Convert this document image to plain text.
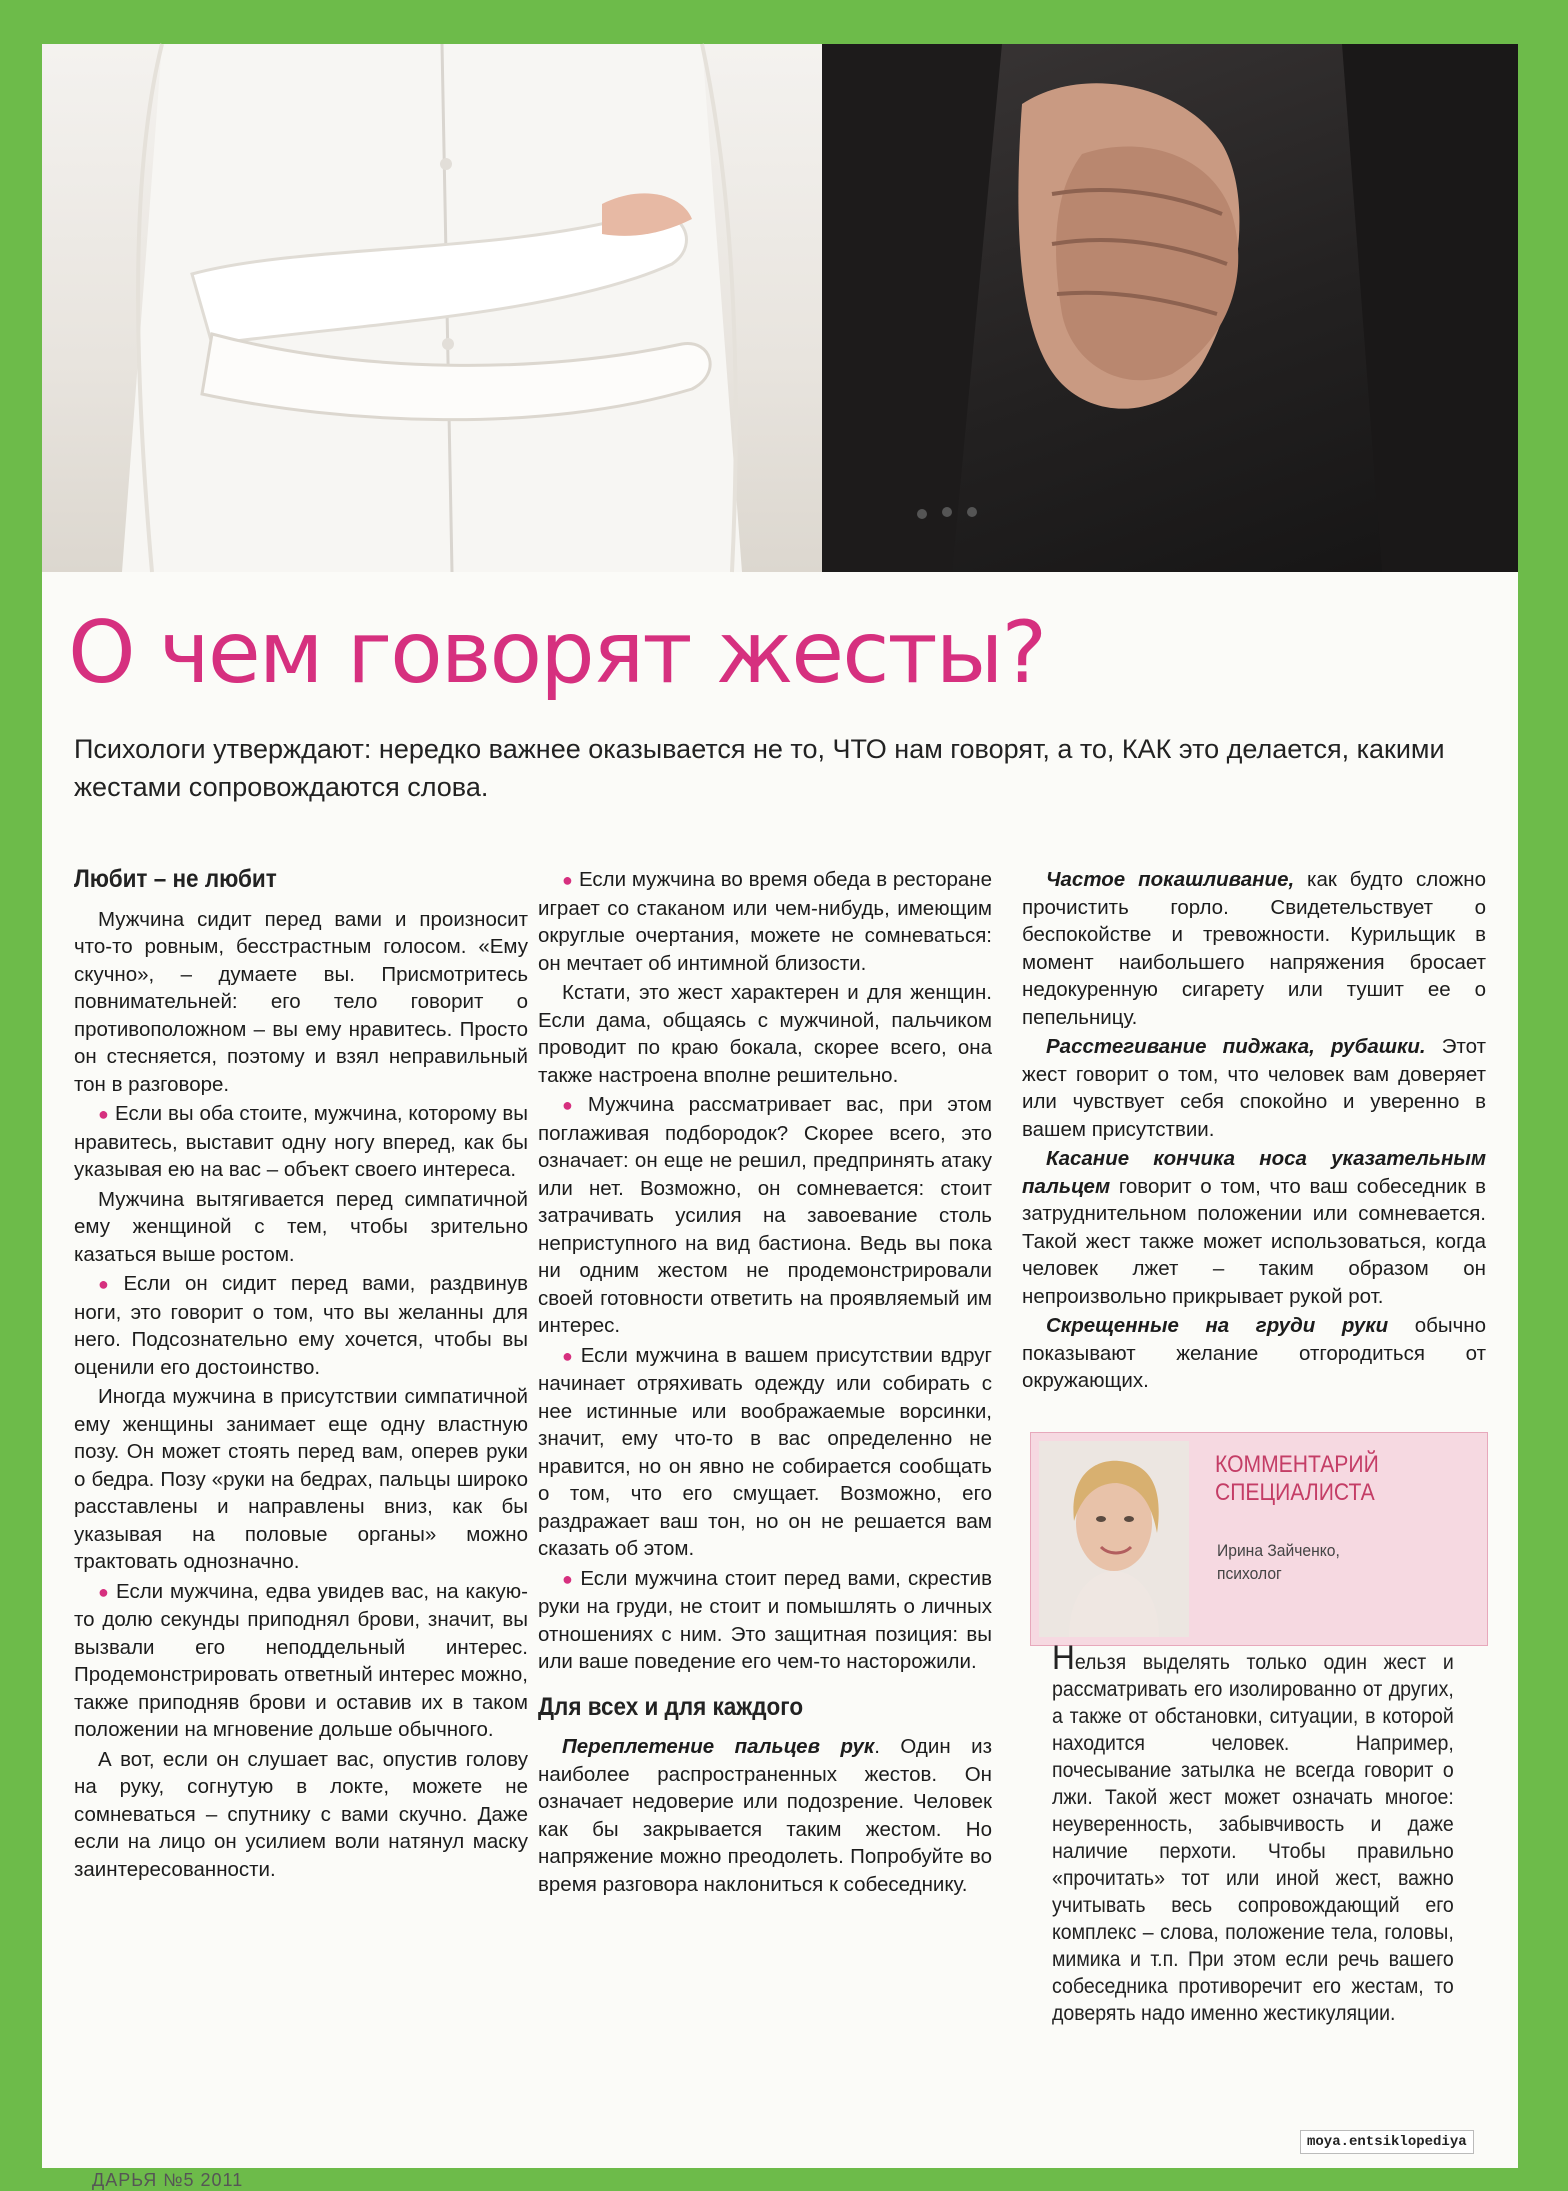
О чем говорят жесты?
Психологи утверждают: нередко важнее оказывается не то, ЧТО нам говорят, а то, КАК это делается, какими жестами сопровождаются слова.
Любит – не любит

Мужчина сидит перед вами и произносит что-то ровным, бесстрастным голосом. «Ему скучно», – думаете вы. Присмотритесь повнимательней: его тело говорит о противоположном – вы ему нравитесь. Просто он стесняется, поэтому и взял неправильный тон в разговоре.

● Если вы оба стоите, мужчина, которому вы нравитесь, выставит одну ногу вперед, как бы указывая ею на вас – объект своего интереса.

Мужчина вытягивается перед симпатичной ему женщиной с тем, чтобы зрительно казаться выше ростом.

● Если он сидит перед вами, раздвинув ноги, это говорит о том, что вы желанны для него. Подсознательно ему хочется, чтобы вы оценили его достоинство.

Иногда мужчина в присутствии симпатичной ему женщины занимает еще одну властную позу. Он может стоять перед вам, оперев руки о бедра. Позу «руки на бедрах, пальцы широко расставлены и направлены вниз, как бы указывая на половые органы» можно трактовать однозначно.

● Если мужчина, едва увидев вас, на какую-то долю секунды приподнял брови, значит, вы вызвали его неподдельный интерес. Продемонстрировать ответный интерес можно, также приподняв брови и оставив их в таком положении на мгновение дольше обычного.

А вот, если он слушает вас, опустив голову на руку, согнутую в локте, можете не сомневаться – спутнику с вами скучно. Даже если на лицо он усилием воли натянул маску заинтересованности.

● Если мужчина во время обеда в ресторане играет со стаканом или чем-нибудь, имеющим округлые очертания, можете не сомневаться: он мечтает об интимной близости.

Кстати, это жест характерен и для женщин. Если дама, общаясь с мужчиной, пальчиком проводит по краю бокала, скорее всего, она также настроена вполне решительно.

● Мужчина рассматривает вас, при этом поглаживая подбородок? Скорее всего, это означает: он еще не решил, предпринять атаку или нет. Возможно, он сомневается: стоит затрачивать усилия на завоевание столь неприступного на вид бастиона. Ведь вы пока ни одним жестом не продемонстрировали своей готовности ответить на проявляемый им интерес.

● Если мужчина в вашем присутствии вдруг начинает отряхивать одежду или собирать с нее истинные или воображаемые ворсинки, значит, ему что-то в вас определенно не нравится, но он явно не собирается сообщать о том, что его смущает. Возможно, его раздражает ваш тон, но он не решается вам сказать об этом.

● Если мужчина стоит перед вами, скрестив руки на груди, не стоит и помышлять о личных отношениях с ним. Это защитная позиция: вы или ваше поведение его чем-то насторожили.

Для всех и для каждого

Переплетение пальцев рук. Один из наиболее распространенных жестов. Он означает недоверие или подозрение. Человек как бы закрывается таким жестом. Но напряжение можно преодолеть. Попробуйте во время разговора наклониться к собеседнику.

Частое покашливание, как будто сложно прочистить горло. Свидетельствует о беспокойстве и тревожности. Курильщик в момент наибольшего напряжения бросает недокуренную сигарету или тушит ее о пепельницу.

Расстегивание пиджака, рубашки. Этот жест говорит о том, что человек вам доверяет или чувствует себя спокойно и уверенно в вашем присутствии.

Касание кончика носа указательным пальцем говорит о том, что ваш собеседник в затруднительном положении или сомневается. Такой жест также может использоваться, когда человек лжет – таким образом он непроизвольно прикрывает рукой рот.

Скрещенные на груди руки обычно показывают желание отгородиться от окружающих.

КОММЕНТАРИЙ
СПЕЦИАЛИСТА
Ирина Зайченко,
психолог
Нельзя выделять только один жест и рассматривать его изолированно от других, а также от обстановки, ситуации, в которой находится человек. Например, почесывание затылка не всегда говорит о лжи. Такой жест может означать многое: неуверенность, забывчивость и даже наличие перхоти. Чтобы правильно «прочитать» тот или иной жест, важно учитывать весь сопровождающий его комплекс – слова, положение тела, головы, мимика и т.п. При этом если речь вашего собеседника противоречит его жестам, то доверять надо именно жестикуляции.
ДАРЬЯ №5 2011
moya.entsiklopediya
